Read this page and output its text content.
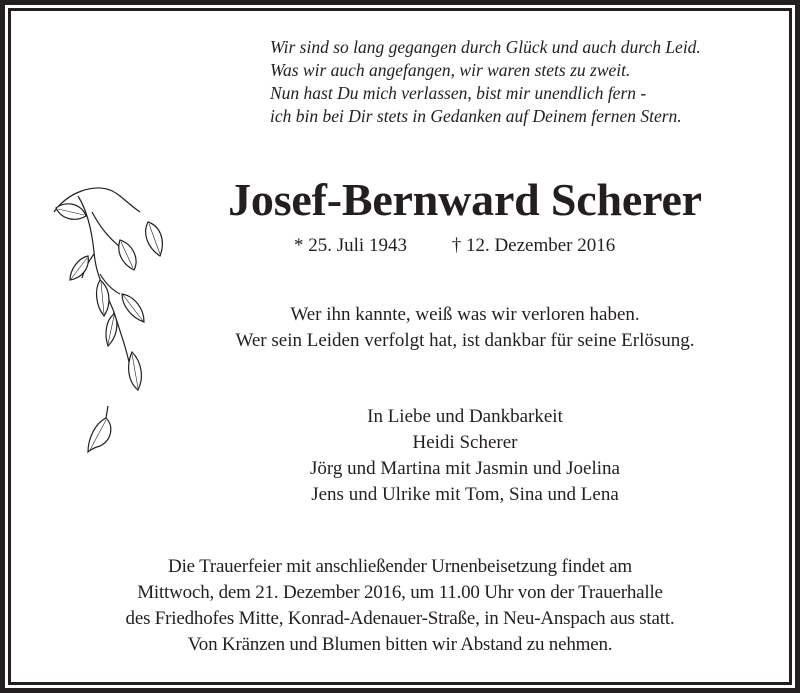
Wir sind so lang gegangen durch Glück und auch durch Leid.
Was wir auch angefangen, wir waren stets zu zweit.
Nun hast Du mich verlassen, bist mir unendlich fern -
ich bin bei Dir stets in Gedanken auf Deinem fernen Stern.
Josef-Bernward Scherer
* 25. Juli 1943 † 12. Dezember 2016
Wer ihn kannte, weiß was wir verloren haben.
Wer sein Leiden verfolgt hat, ist dankbar für seine Erlösung.
In Liebe und Dankbarkeit
Heidi Scherer
Jörg und Martina mit Jasmin und Joelina
Jens und Ulrike mit Tom, Sina und Lena
Die Trauerfeier mit anschließender Urnenbeisetzung findet am
Mittwoch, dem 21. Dezember 2016, um 11.00 Uhr von der Trauerhalle
des Friedhofes Mitte, Konrad-Adenauer-Straße, in Neu-Anspach aus statt.
Von Kränzen und Blumen bitten wir Abstand zu nehmen.
